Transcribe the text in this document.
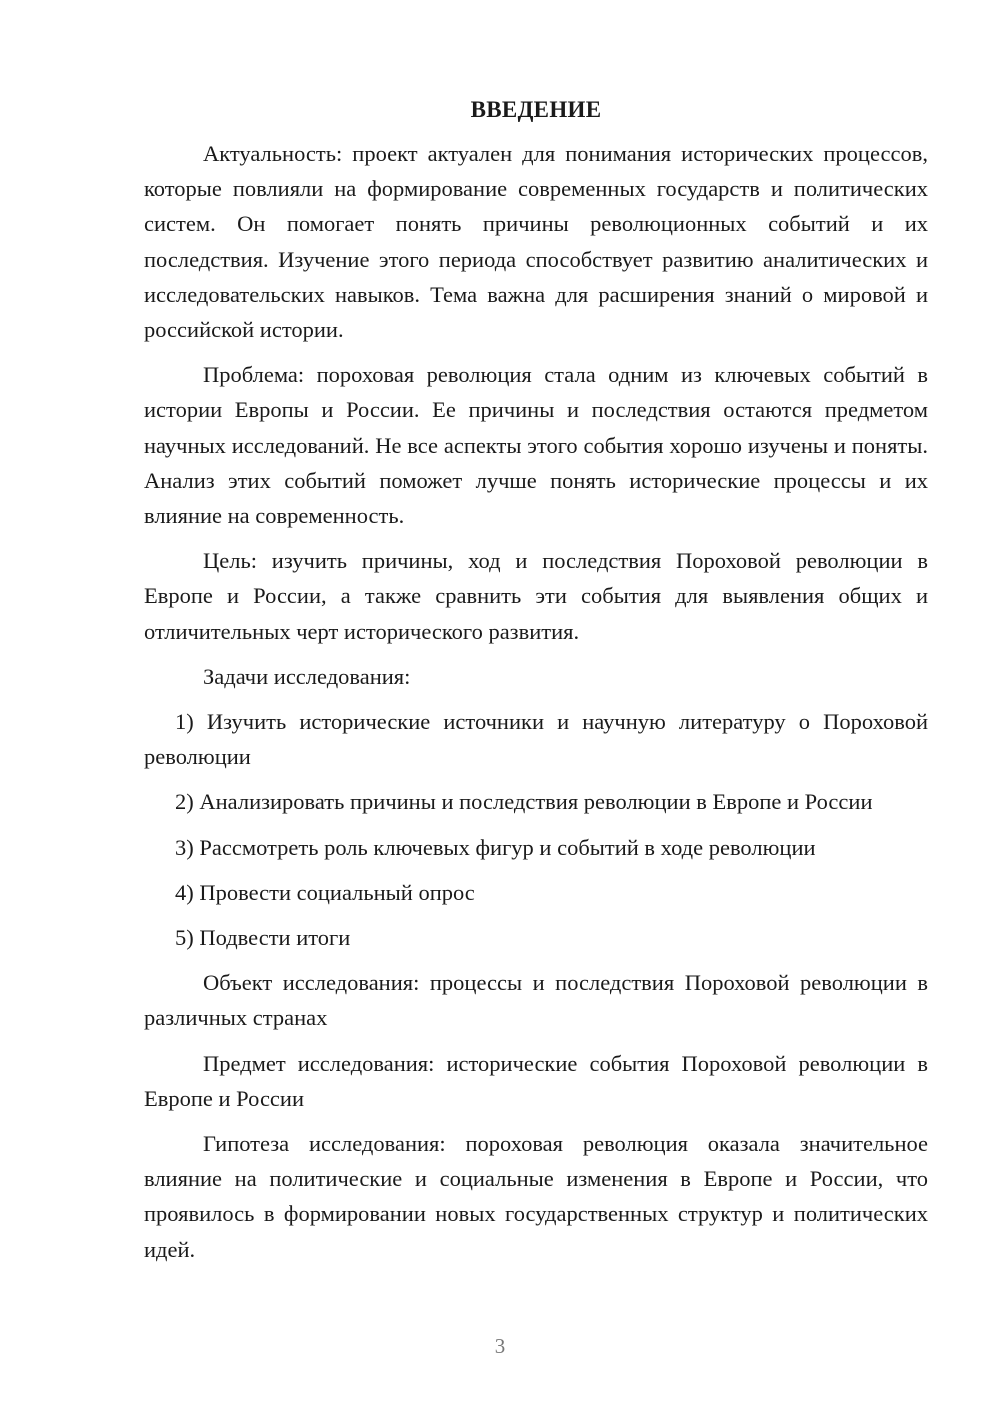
ВВЕДЕНИЕ

Актуальность: проект актуален для понимания исторических процессов, которые повлияли на формирование современных государств и политических систем. Он помогает понять причины революционных событий и их последствия. Изучение этого периода способствует развитию аналитических и исследовательских навыков. Тема важна для расширения знаний о мировой и российской истории.

Проблема: пороховая революция стала одним из ключевых событий в истории Европы и России. Ее причины и последствия остаются предметом научных исследований. Не все аспекты этого события хорошо изучены и поняты. Анализ этих событий поможет лучше понять исторические процессы и их влияние на современность.

Цель: изучить причины, ход и последствия Пороховой революции в Европе и России, а также сравнить эти события для выявления общих и отличительных черт исторического развития.

Задачи исследования:

1) Изучить исторические источники и научную литературу о Пороховой революции

2) Анализировать причины и последствия революции в Европе и России

3) Рассмотреть роль ключевых фигур и событий в ходе революции

4) Провести социальный опрос

5) Подвести итоги

Объект исследования: процессы и последствия Пороховой революции в различных странах

Предмет исследования: исторические события Пороховой революции в Европе и России

Гипотеза исследования: пороховая революция оказала значительное влияние на политические и социальные изменения в Европе и России, что проявилось в формировании новых государственных структур и политических идей.

3
